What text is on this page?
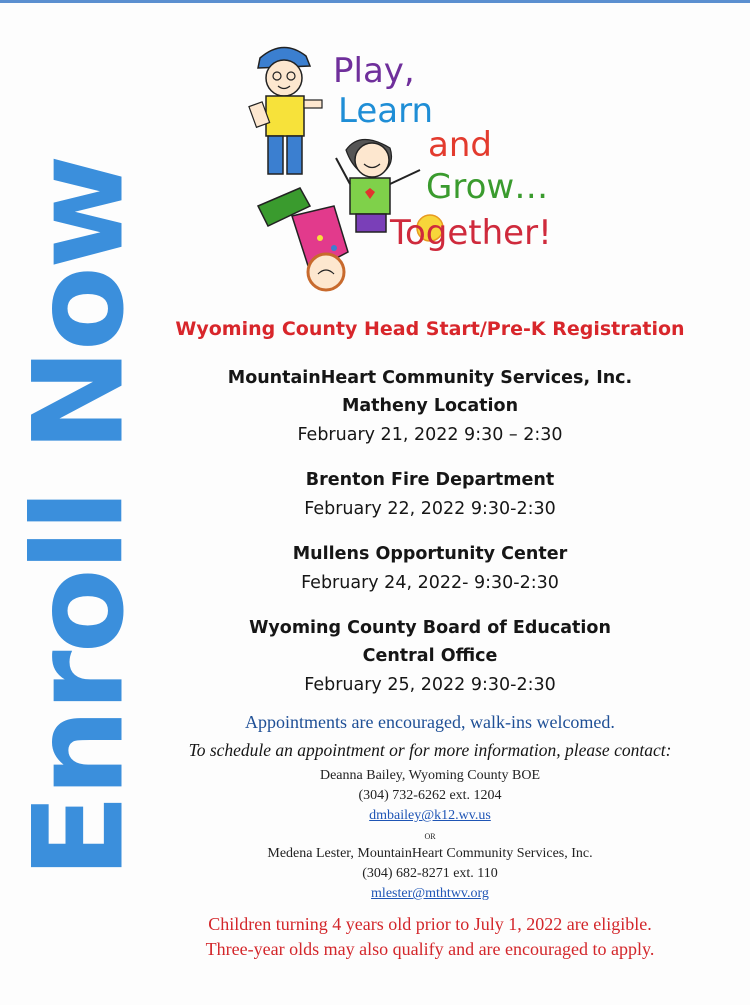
Enroll Now
Play,
Learn
and
Grow…
Together!
Wyoming County Head Start/Pre-K Registration
MountainHeart Community Services, Inc.
Matheny Location
February 21, 2022 9:30 – 2:30
Brenton Fire Department
February 22, 2022 9:30-2:30
Mullens Opportunity Center
February 24, 2022- 9:30-2:30
Wyoming County Board of Education
Central Office
February 25, 2022 9:30-2:30
Appointments are encouraged, walk-ins welcomed.
To schedule an appointment or for more information, please contact:
Deanna Bailey, Wyoming County BOE
(304) 732-6262 ext. 1204
dmbailey@k12.wv.us
OR
Medena Lester, MountainHeart Community Services, Inc.
(304) 682-8271 ext. 110
mlester@mthtwv.org
Children turning 4 years old prior to July 1, 2022 are eligible.
Three-year olds may also qualify and are encouraged to apply.
